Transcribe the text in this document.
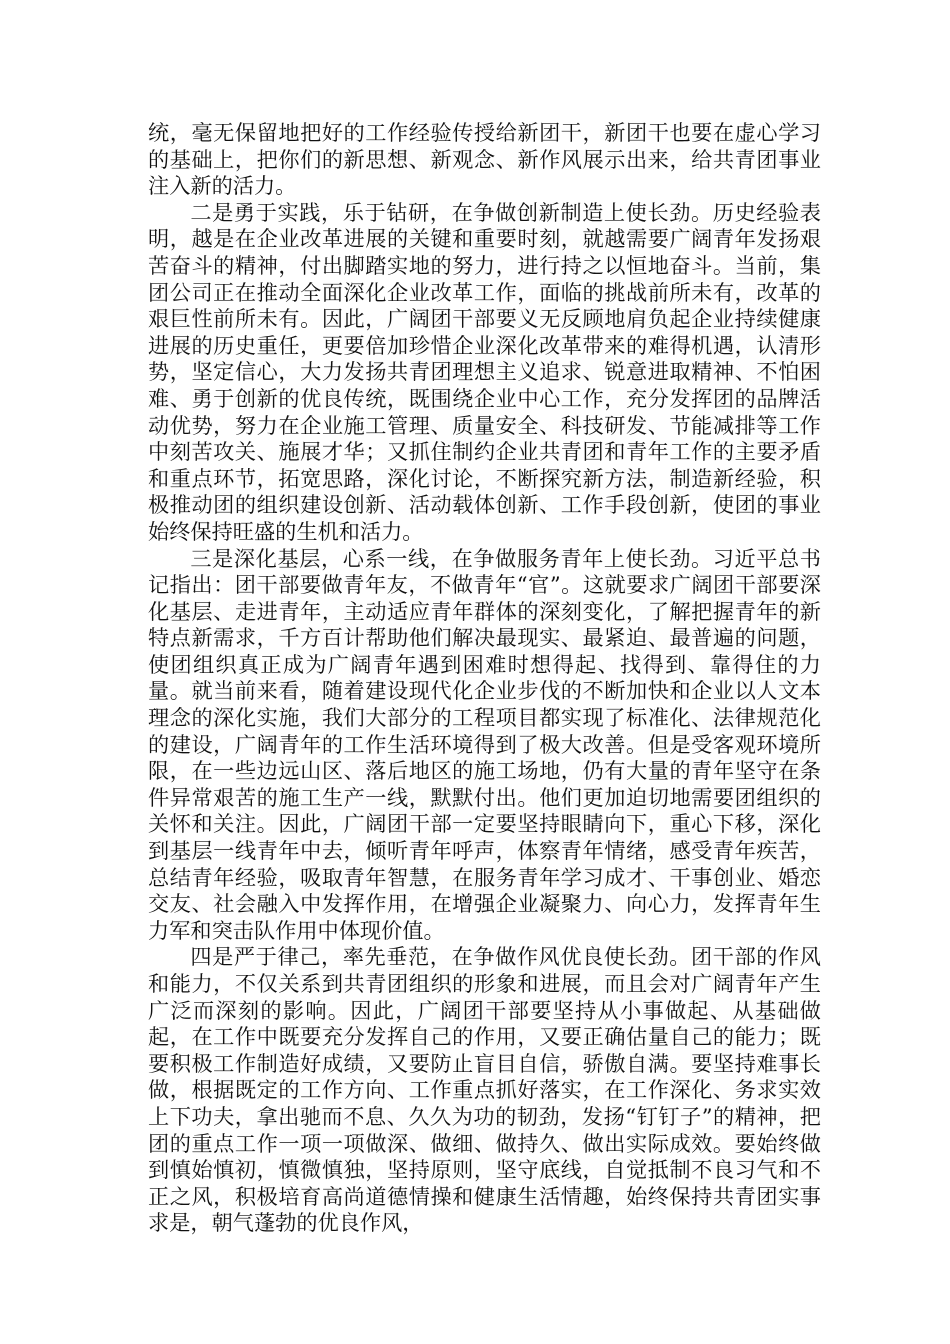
统，毫无保留地把好的工作经验传授给新团干，新团干也要在虚心学习的基础上，把你们的新思想、新观念、新作风展示出来，给共青团事业注入新的活力。

二是勇于实践，乐于钻研，在争做创新制造上使长劲。历史经验表明，越是在企业改革进展的关键和重要时刻，就越需要广阔青年发扬艰苦奋斗的精神，付出脚踏实地的努力，进行持之以恒地奋斗。当前，集团公司正在推动全面深化企业改革工作，面临的挑战前所未有，改革的艰巨性前所未有。因此，广阔团干部要义无反顾地肩负起企业持续健康进展的历史重任，更要倍加珍惜企业深化改革带来的难得机遇，认清形势，坚定信心，大力发扬共青团理想主义追求、锐意进取精神、不怕困难、勇于创新的优良传统，既围绕企业中心工作，充分发挥团的品牌活动优势，努力在企业施工管理、质量安全、科技研发、节能减排等工作中刻苦攻关、施展才华；又抓住制约企业共青团和青年工作的主要矛盾和重点环节，拓宽思路，深化讨论，不断探究新方法，制造新经验，积极推动团的组织建设创新、活动载体创新、工作手段创新，使团的事业始终保持旺盛的生机和活力。

三是深化基层，心系一线，在争做服务青年上使长劲。习近平总书记指出：团干部要做青年友，不做青年“官”。这就要求广阔团干部要深化基层、走进青年，主动适应青年群体的深刻变化，了解把握青年的新特点新需求，千方百计帮助他们解决最现实、最紧迫、最普遍的问题，使团组织真正成为广阔青年遇到困难时想得起、找得到、靠得住的力量。就当前来看，随着建设现代化企业步伐的不断加快和企业以人文本理念的深化实施，我们大部分的工程项目都实现了标准化、法律规范化的建设，广阔青年的工作生活环境得到了极大改善。但是受客观环境所限，在一些边远山区、落后地区的施工场地，仍有大量的青年坚守在条件异常艰苦的施工生产一线，默默付出。他们更加迫切地需要团组织的关怀和关注。因此，广阔团干部一定要坚持眼睛向下，重心下移，深化到基层一线青年中去，倾听青年呼声，体察青年情绪，感受青年疾苦，总结青年经验，吸取青年智慧，在服务青年学习成才、干事创业、婚恋交友、社会融入中发挥作用，在增强企业凝聚力、向心力，发挥青年生力军和突击队作用中体现价值。

四是严于律己，率先垂范，在争做作风优良使长劲。团干部的作风和能力，不仅关系到共青团组织的形象和进展，而且会对广阔青年产生广泛而深刻的影响。因此，广阔团干部要坚持从小事做起、从基础做起，在工作中既要充分发挥自己的作用，又要正确估量自己的能力；既要积极工作制造好成绩，又要防止盲目自信，骄傲自满。要坚持难事长做，根据既定的工作方向、工作重点抓好落实，在工作深化、务求实效上下功夫，拿出驰而不息、久久为功的韧劲，发扬“钉钉子”的精神，把团的重点工作一项一项做深、做细、做持久、做出实际成效。要始终做到慎始慎初，慎微慎独，坚持原则，坚守底线，自觉抵制不良习气和不正之风，积极培育高尚道德情操和健康生活情趣，始终保持共青团实事求是，朝气蓬勃的优良作风，
